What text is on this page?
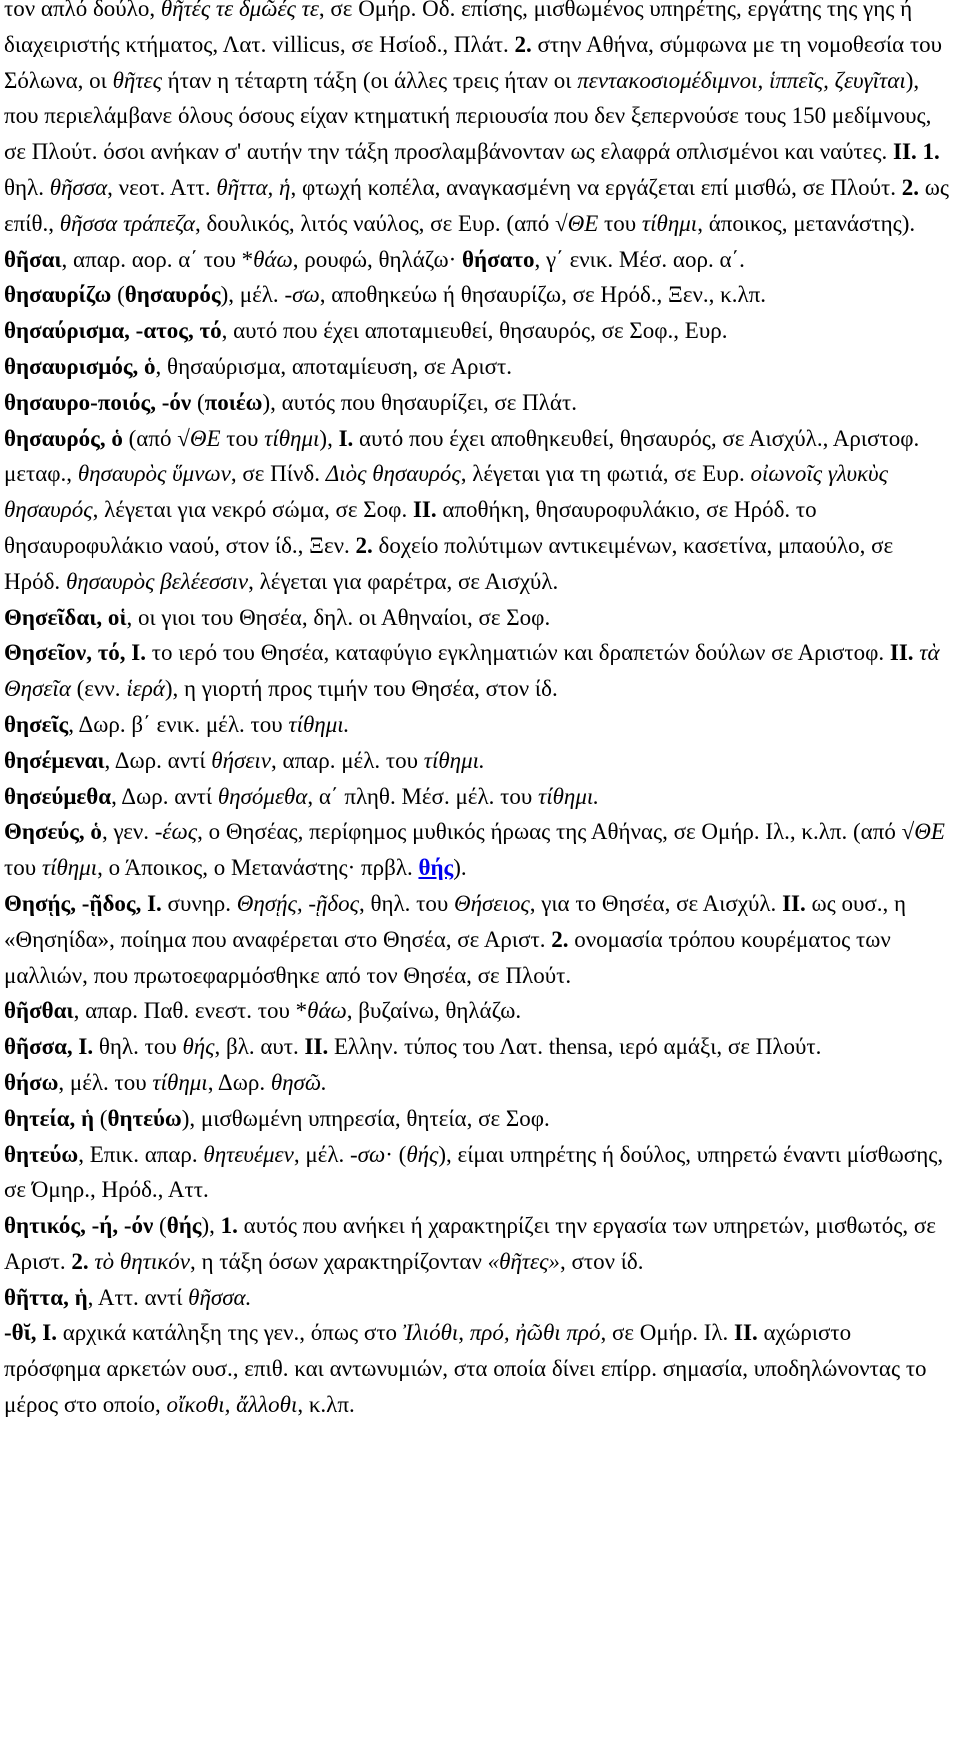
τον απλό δούλο, θῆτές τε δμῶές τε, σε Ομήρ. Οδ. επίσης, μισθωμένος υπηρέτης, εργάτης της γης ή διαχειριστής κτήματος, Λατ. villicus, σε Ησίοδ., Πλάτ. 2. στην Αθήνα, σύμφωνα με τη νομοθεσία του Σόλωνα, οι θῆτες ήταν η τέταρτη τάξη (οι άλλες τρεις ήταν οι πεντακοσιομέδιμνοι, ἱππεῖς, ζευγῖται), που περιελάμβανε όλους όσους είχαν κτηματική περιουσία που δεν ξεπερνούσε τους 150 μεδίμνους, σε Πλούτ. όσοι ανήκαν σ' αυτήν την τάξη προσλαμβάνονταν ως ελαφρά οπλισμένοι και ναύτες. II. 1. θηλ. θῆσσα, νεοτ. Αττ. θῆττα, ἡ, φτωχή κοπέλα, αναγκασμένη να εργάζεται επί μισθώ, σε Πλούτ. 2. ως επίθ., θῆσσα τράπεζα, δουλικός, λιτός ναύλος, σε Ευρ. (από √ΘΕ του τίθημι, άποικος, μετανάστης).

θῆσαι, απαρ. αορ. α΄ του *θάω, ρουφώ, θηλάζω· θήσατο, γ΄ ενικ. Μέσ. αορ. α΄.

θησαυρίζω (θησαυρός), μέλ. -σω, αποθηκεύω ή θησαυρίζω, σε Ηρόδ., Ξεν., κ.λπ.

θησαύρισμα, -ατος, τό, αυτό που έχει αποταμιευθεί, θησαυρός, σε Σοφ., Ευρ.

θησαυρισμός, ὁ, θησαύρισμα, αποταμίευση, σε Αριστ.

θησαυρο-ποιός, -όν (ποιέω), αυτός που θησαυρίζει, σε Πλάτ.

θησαυρός, ὁ (από √ΘΕ του τίθημι), I. αυτό που έχει αποθηκευθεί, θησαυρός, σε Αισχύλ., Αριστοφ. μεταφ., θησαυρὸς ὕμνων, σε Πίνδ. Διὸς θησαυρός, λέγεται για τη φωτιά, σε Ευρ. οἰωνοῖς γλυκὺς θησαυρός, λέγεται για νεκρό σώμα, σε Σοφ. II. αποθήκη, θησαυροφυλάκιο, σε Ηρόδ. το θησαυροφυλάκιο ναού, στον ίδ., Ξεν. 2. δοχείο πολύτιμων αντικειμένων, κασετίνα, μπαούλο, σε Ηρόδ. θησαυρὸς βελέεσσιν, λέγεται για φαρέτρα, σε Αισχύλ.

Θησεῖδαι, οἱ, οι γιοι του Θησέα, δηλ. οι Αθηναίοι, σε Σοφ.

Θησεῖον, τό, I. το ιερό του Θησέα, καταφύγιο εγκληματιών και δραπετών δούλων σε Αριστοφ. II. τὰ Θησεῖα (ενν. ἱερά), η γιορτή προς τιμήν του Θησέα, στον ίδ.

θησεῖς, Δωρ. β΄ ενικ. μέλ. του τίθημι.

θησέμεναι, Δωρ. αντί θήσειν, απαρ. μέλ. του τίθημι.

θησεύμεθα, Δωρ. αντί θησόμεθα, α΄ πληθ. Μέσ. μέλ. του τίθημι.

Θησεύς, ὁ, γεν. -έως, ο Θησέας, περίφημος μυθικός ήρωας της Αθήνας, σε Ομήρ. Ιλ., κ.λπ. (από √ΘΕ του τίθημι, ο Άποικος, ο Μετανάστης· πρβλ. θής).

Θησῄς, -ῇδος, I. συνηρ. Θησῄς, -ῇδος, θηλ. του Θήσειος, για το Θησέα, σε Αισχύλ. II. ως ουσ., η «Θησηίδα», ποίημα που αναφέρεται στο Θησέα, σε Αριστ. 2. ονομασία τρόπου κουρέματος των μαλλιών, που πρωτοεφαρμόσθηκε από τον Θησέα, σε Πλούτ.

θῆσθαι, απαρ. Παθ. ενεστ. του *θάω, βυζαίνω, θηλάζω.

θῆσσα, I. θηλ. του θής, βλ. αυτ. II. Ελλην. τύπος του Λατ. thensa, ιερό αμάξι, σε Πλούτ.

θήσω, μέλ. του τίθημι, Δωρ. θησῶ.

θητεία, ἡ (θητεύω), μισθωμένη υπηρεσία, θητεία, σε Σοφ.

θητεύω, Επικ. απαρ. θητευέμεν, μέλ. -σω· (θής), είμαι υπηρέτης ή δούλος, υπηρετώ έναντι μίσθωσης, σε Όμηρ., Ηρόδ., Αττ.

θητικός, -ή, -όν (θής), 1. αυτός που ανήκει ή χαρακτηρίζει την εργασία των υπηρετών, μισθωτός, σε Αριστ. 2. τὸ θητικόν, η τάξη όσων χαρακτηρίζονταν «θῆτες», στον ίδ.

θῆττα, ἡ, Αττ. αντί θῆσσα.

-θῐ, I. αρχικά κατάληξη της γεν., όπως στο Ἰλιόθι, πρό, ἠῶθι πρό, σε Ομήρ. Ιλ. II. αχώριστο πρόσφημα αρκετών ουσ., επιθ. και αντωνυμιών, στα οποία δίνει επίρρ. σημασία, υποδηλώνοντας το μέρος στο οποίο, οἴκοθι, ἄλλοθι, κ.λπ.
